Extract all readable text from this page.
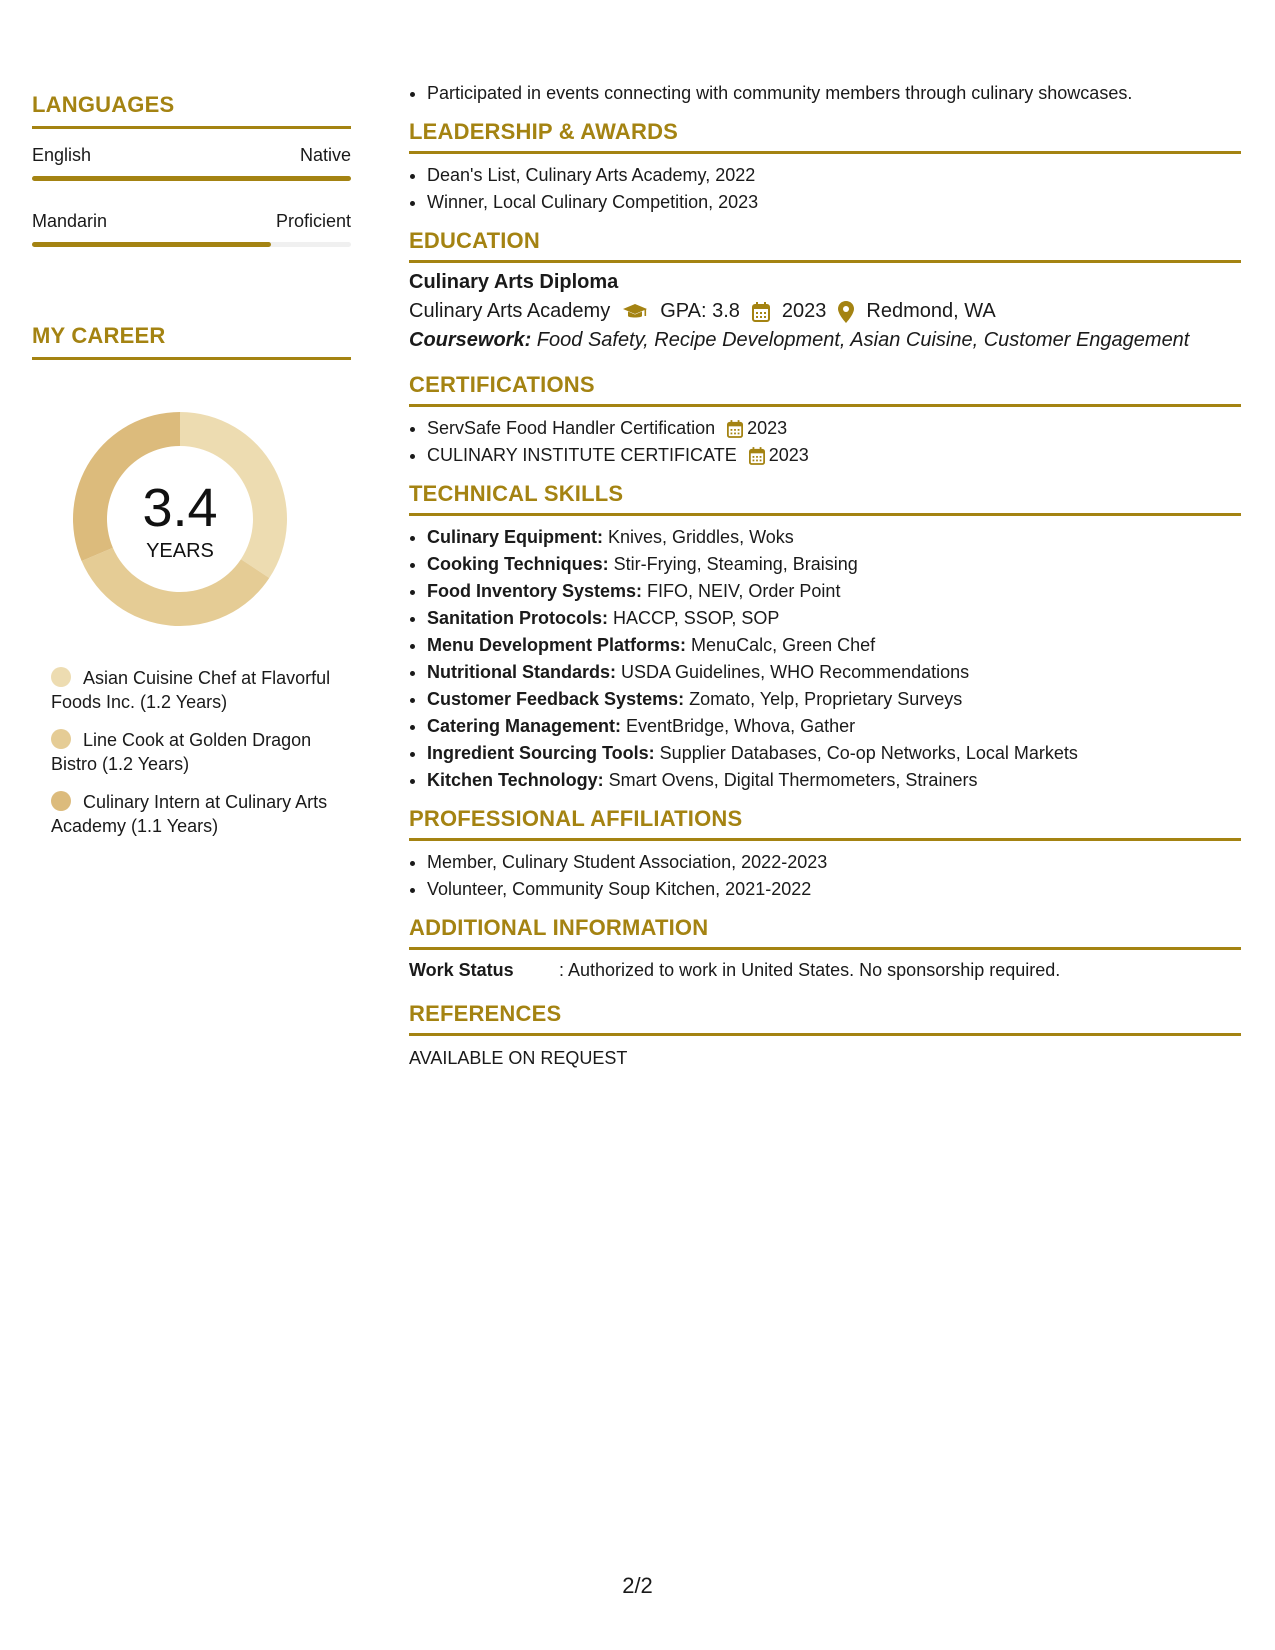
LANGUAGES
English	Native
Mandarin	Proficient
MY CAREER
3.4
YEARS
Asian Cuisine Chef at Flavorful Foods Inc. (1.2 Years)
Line Cook at Golden Dragon Bistro (1.2 Years)
Culinary Intern at Culinary Arts Academy (1.1 Years)
• Participated in events connecting with community members through culinary showcases.
LEADERSHIP & AWARDS
• Dean's List, Culinary Arts Academy, 2022
• Winner, Local Culinary Competition, 2023
EDUCATION
Culinary Arts Diploma
Culinary Arts Academy	GPA: 3.8 2023 Redmond, WA
Coursework: Food Safety, Recipe Development, Asian Cuisine, Customer Engagement
CERTIFICATIONS
• ServSafe Food Handler Certification 2023
• CULINARY INSTITUTE CERTIFICATE 2023
TECHNICAL SKILLS
• Culinary Equipment: Knives, Griddles, Woks
• Cooking Techniques: Stir-Frying, Steaming, Braising
• Food Inventory Systems: FIFO, NEIV, Order Point
• Sanitation Protocols: HACCP, SSOP, SOP
• Menu Development Platforms: MenuCalc, Green Chef
• Nutritional Standards: USDA Guidelines, WHO Recommendations
• Customer Feedback Systems: Zomato, Yelp, Proprietary Surveys
• Catering Management: EventBridge, Whova, Gather
• Ingredient Sourcing Tools: Supplier Databases, Co-op Networks, Local Markets
• Kitchen Technology: Smart Ovens, Digital Thermometers, Strainers
PROFESSIONAL AFFILIATIONS
• Member, Culinary Student Association, 2022-2023
• Volunteer, Community Soup Kitchen, 2021-2022
ADDITIONAL INFORMATION
Work Status	: Authorized to work in United States. No sponsorship required.
REFERENCES
AVAILABLE ON REQUEST
2/2
